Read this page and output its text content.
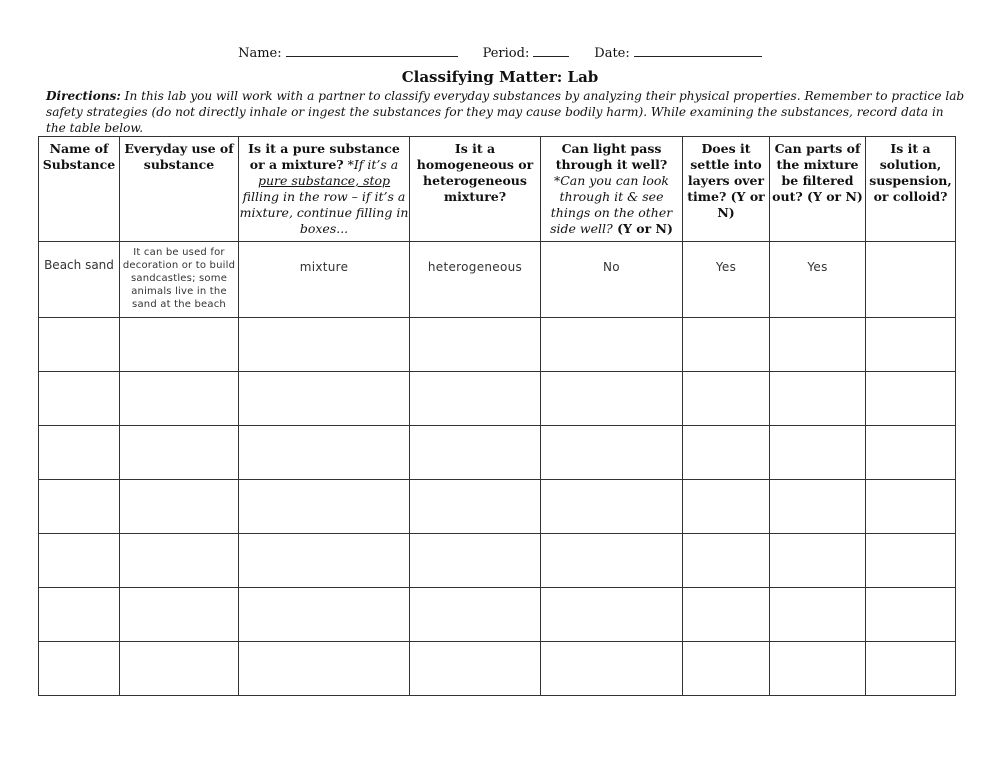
Name:	Period:	Date:
Classifying Matter: Lab
Directions: In this lab you will work with a partner to classify everyday substances by analyzing their physical properties. Remember to practice lab safety strategies (do not directly inhale or ingest the substances for they may cause bodily harm). While examining the substances, record data in the table below.
Name of Substance	Everyday use of substance	Is it a pure substance or a mixture? *If it’s a pure substance, stop filling in the row – if it’s a mixture, continue filling in boxes...	Is it a homogeneous or heterogeneous mixture?	Can light pass through it well? *Can you can look through it & see things on the other side well? (Y or N)	Does it settle into layers over time? (Y or N)	Can parts of the mixture be filtered out? (Y or N)	Is it a solution, suspension, or colloid?

Beach sand	It can be used for decoration or to build sandcastles; some animals live in the sand at the beach	mixture	heterogeneous	No	Yes	Yes	
